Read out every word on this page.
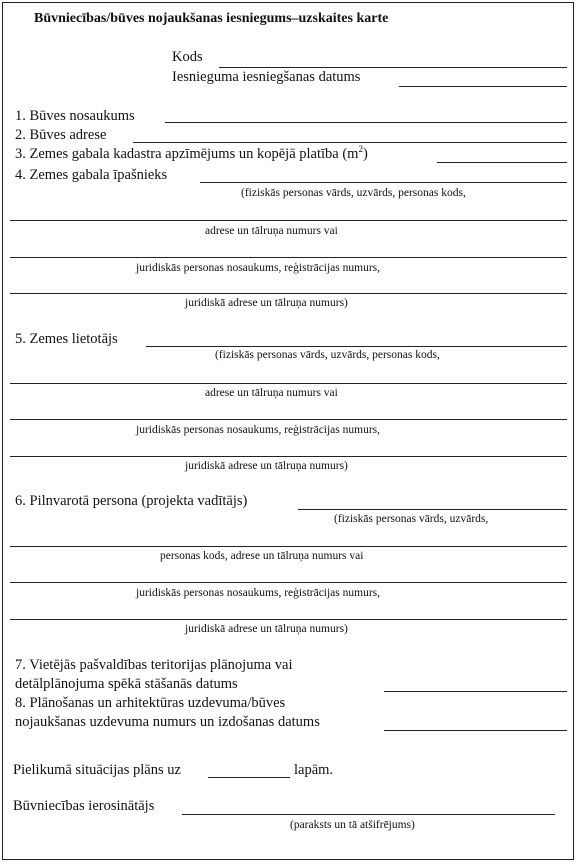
Būvniecības/būves nojaukšanas iesniegums–uzskaites karte
Kods
Iesnieguma iesniegšanas datums
1. Būves nosaukums
2. Būves adrese
3. Zemes gabala kadastra apzīmējums un kopējā platība $(m^2)$
4. Zemes gabala īpašnieks
(fiziskās personas vārds, uzvārds, personas kods,
adrese un tālruņa numurs vai
juridiskās personas nosaukums, reģistrācijas numurs,
juridiskā adrese un tālruņa numurs)
5. Zemes lietotājs
(fiziskās personas vārds, uzvārds, personas kods,
adrese un tālruņa numurs vai
juridiskās personas nosaukums, reģistrācijas numurs,
juridiskā adrese un tālruņa numurs)
6. Pilnvarotā persona (projekta vadītājs)
(fiziskās personas vārds, uzvārds,
personas kods, adrese un tālruņa numurs vai
juridiskās personas nosaukums, reģistrācijas numurs,
juridiskā adrese un tālruņa numurs)
7. Vietējās pašvaldības teritorijas plānojuma vai
detālplānojuma spēkā stāšanās datums
8. Plānošanas un arhitektūras uzdevuma/būves
nojaukšanas uzdevuma numurs un izdošanas datums
Pielikumā situācijas plāns uz	lapām.
Būvniecības ierosinātājs
(paraksts un tā atšifrējums)
